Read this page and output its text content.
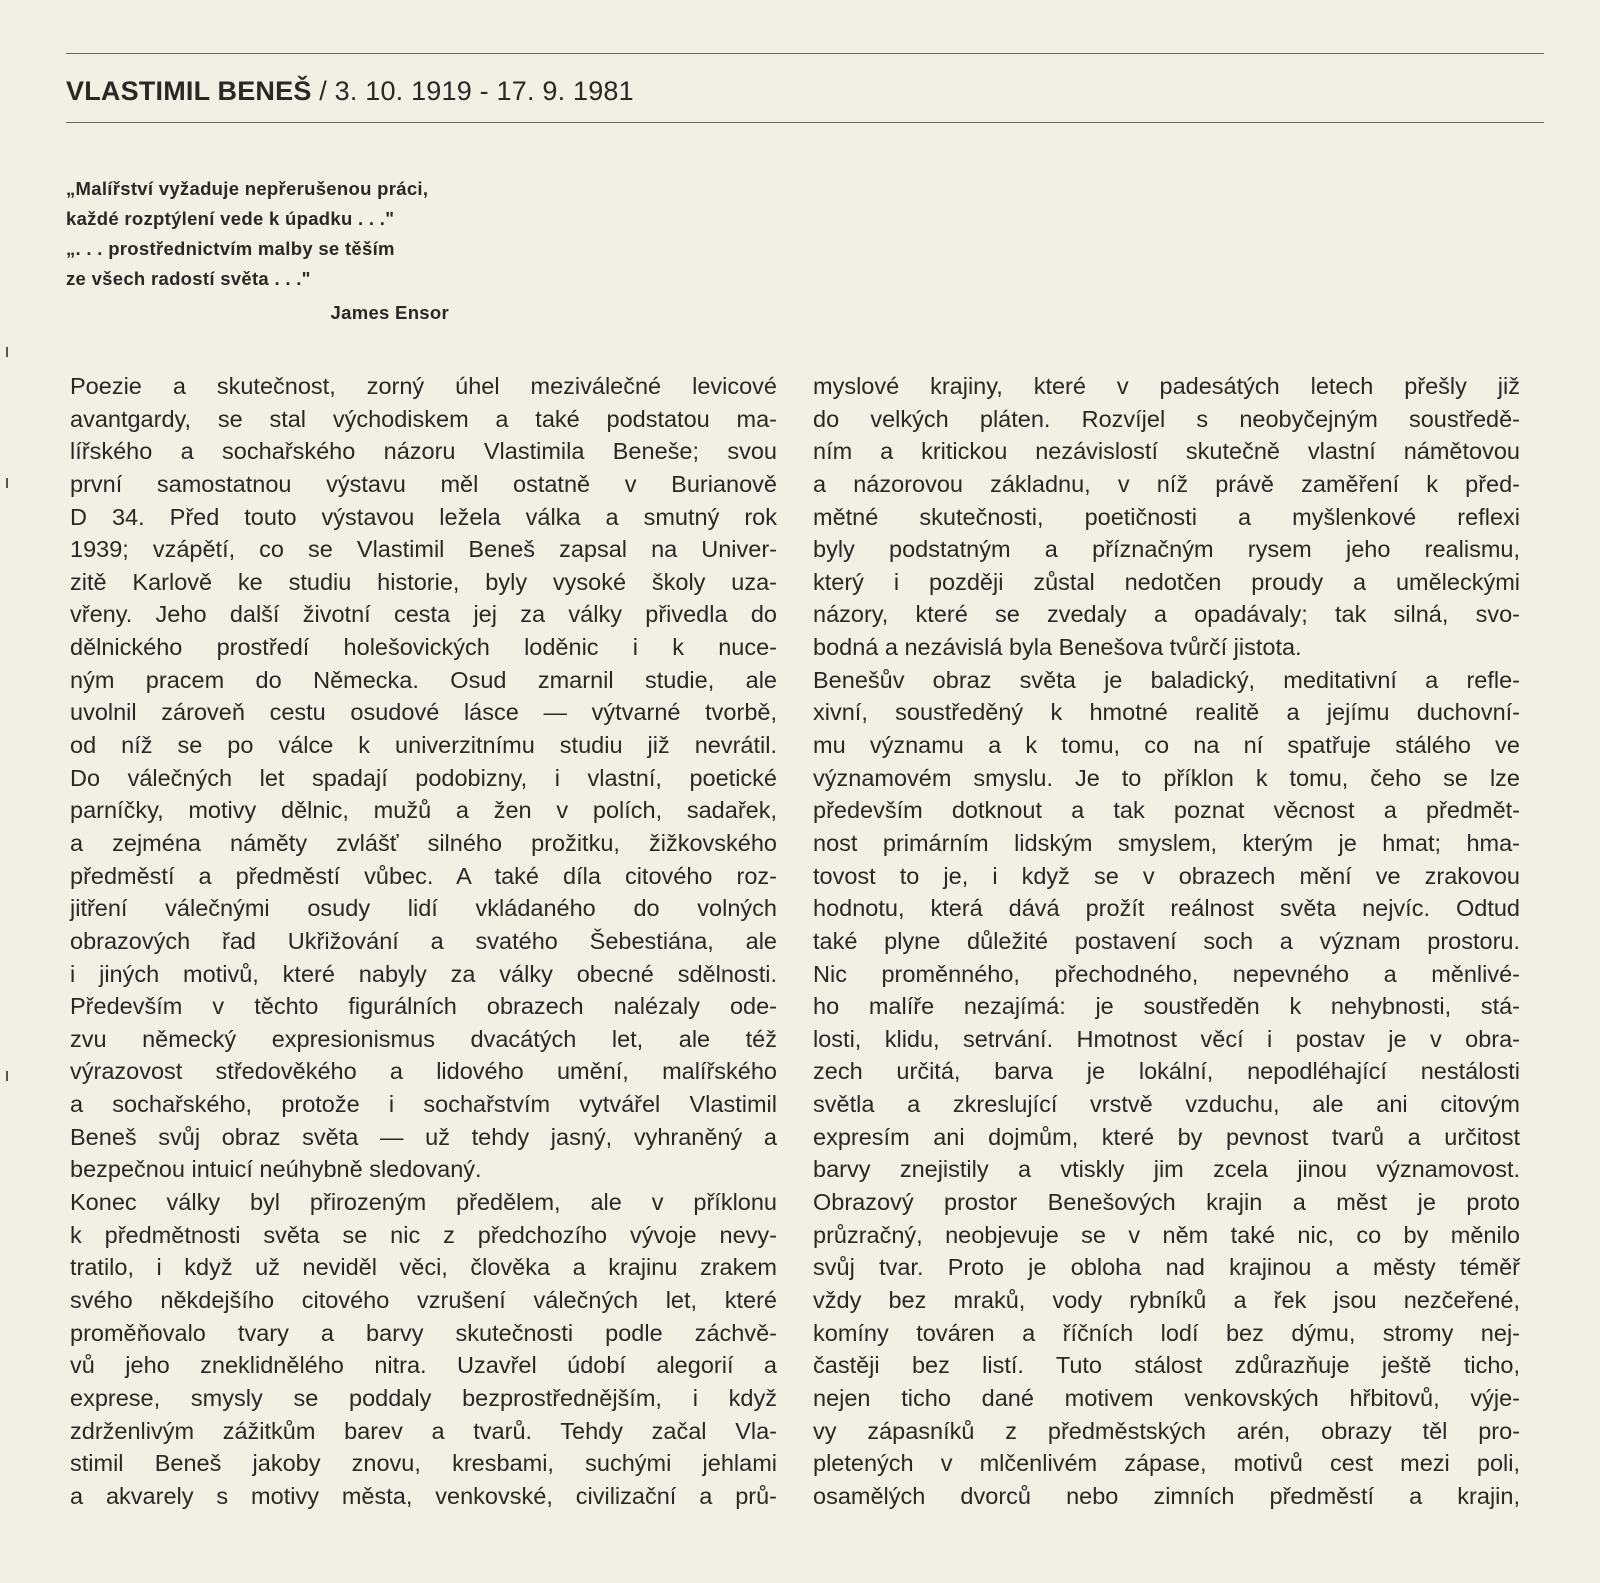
VLASTIMIL BENEŠ / 3. 10. 1919 - 17. 9. 1981
„Malířství vyžaduje nepřerušenou práci,
každé rozptýlení vede k úpadku . . ."
„. . . prostřednictvím malby se těším
ze všech radostí světa . . ."
James Ensor
Poezie a skutečnost, zorný úhel meziválečné levicové
avantgardy, se stal východiskem a také podstatou ma-
lířského a sochařského názoru Vlastimila Beneše; svou
první samostatnou výstavu měl ostatně v Burianově
D 34. Před touto výstavou ležela válka a smutný rok
1939; vzápětí, co se Vlastimil Beneš zapsal na Univer-
zitě Karlově ke studiu historie, byly vysoké školy uza-
vřeny. Jeho další životní cesta jej za války přivedla do
dělnického prostředí holešovických loděnic i k nuce-
ným pracem do Německa. Osud zmarnil studie, ale
uvolnil zároveň cestu osudové lásce — výtvarné tvorbě,
od níž se po válce k univerzitnímu studiu již nevrátil.
Do válečných let spadají podobizny, i vlastní, poetické
parníčky, motivy dělnic, mužů a žen v polích, sadařek,
a zejména náměty zvlášť silného prožitku, žižkovského
předměstí a předměstí vůbec. A také díla citového roz-
jitření válečnými osudy lidí vkládaného do volných
obrazových řad Ukřižování a svatého Šebestiána, ale
i jiných motivů, které nabyly za války obecné sdělnosti.
Především v těchto figurálních obrazech nalézaly ode-
zvu německý expresionismus dvacátých let, ale též
výrazovost středověkého a lidového umění, malířského
a sochařského, protože i sochařstvím vytvářel Vlastimil
Beneš svůj obraz světa — už tehdy jasný, vyhraněný a
bezpečnou intuicí neúhybně sledovaný.
Konec války byl přirozeným předělem, ale v příklonu
k předmětnosti světa se nic z předchozího vývoje nevy-
tratilo, i když už neviděl věci, člověka a krajinu zrakem
svého někdejšího citového vzrušení válečných let, které
proměňovalo tvary a barvy skutečnosti podle záchvě-
vů jeho zneklidnělého nitra. Uzavřel údobí alegorií a
exprese, smysly se poddaly bezprostřednějším, i když
zdrženlivým zážitkům barev a tvarů. Tehdy začal Vla-
stimil Beneš jakoby znovu, kresbami, suchými jehlami
a akvarely s motivy města, venkovské, civilizační a prů-
myslové krajiny, které v padesátých letech přešly již
do velkých pláten. Rozvíjel s neobyčejným soustředě-
ním a kritickou nezávislostí skutečně vlastní námětovou
a názorovou základnu, v níž právě zaměření k před-
mětné skutečnosti, poetičnosti a myšlenkové reflexi
byly podstatným a příznačným rysem jeho realismu,
který i později zůstal nedotčen proudy a uměleckými
názory, které se zvedaly a opadávaly; tak silná, svo-
bodná a nezávislá byla Benešova tvůrčí jistota.
Benešův obraz světa je baladický, meditativní a refle-
xivní, soustředěný k hmotné realitě a jejímu duchovní-
mu významu a k tomu, co na ní spatřuje stálého ve
významovém smyslu. Je to příklon k tomu, čeho se lze
především dotknout a tak poznat věcnost a předmět-
nost primárním lidským smyslem, kterým je hmat; hma-
tovost to je, i když se v obrazech mění ve zrakovou
hodnotu, která dává prožít reálnost světa nejvíc. Odtud
také plyne důležité postavení soch a význam prostoru.
Nic proměnného, přechodného, nepevného a měnlivé-
ho malíře nezajímá: je soustředěn k nehybnosti, stá-
losti, klidu, setrvání. Hmotnost věcí i postav je v obra-
zech určitá, barva je lokální, nepodléhající nestálosti
světla a zkreslující vrstvě vzduchu, ale ani citovým
expresím ani dojmům, které by pevnost tvarů a určitost
barvy znejistily a vtiskly jim zcela jinou významovost.
Obrazový prostor Benešových krajin a měst je proto
průzračný, neobjevuje se v něm také nic, co by měnilo
svůj tvar. Proto je obloha nad krajinou a městy téměř
vždy bez mraků, vody rybníků a řek jsou nezčeřené,
komíny továren a říčních lodí bez dýmu, stromy nej-
častěji bez listí. Tuto stálost zdůrazňuje ještě ticho,
nejen ticho dané motivem venkovských hřbitovů, výje-
vy zápasníků z předměstských arén, obrazy těl pro-
pletených v mlčenlivém zápase, motivů cest mezi poli,
osamělých dvorců nebo zimních předměstí a krajin,
